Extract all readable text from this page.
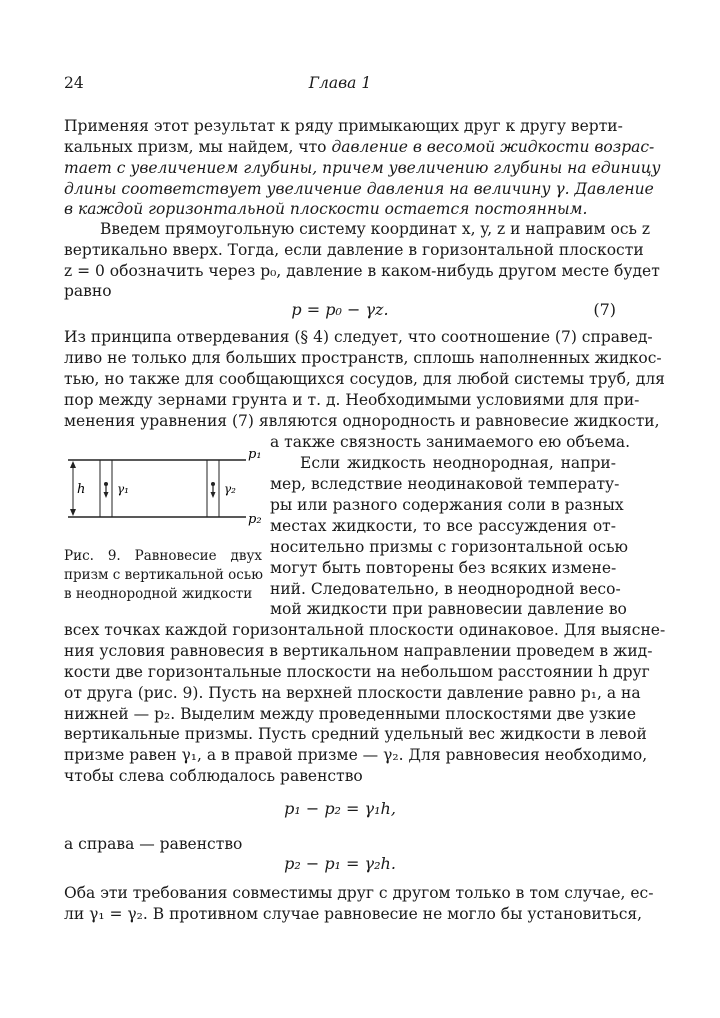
24	Глава 1
Применяя этот результат к ряду примыкающих друг к другу верти-
кальных призм, мы найдем, что давление в весомой жидкости возрас-
тает с увеличением глубины, причем увеличению глубины на единицу
длины соответствует увеличение давления на величину γ. Давление
в каждой горизонтальной плоскости остается постоянным.
Введем прямоугольную систему координат x, y, z и направим ось z
вертикально вверх. Тогда, если давление в горизонтальной плоскости
z = 0 обозначить через p₀, давление в каком-нибудь другом месте будет
равно
p = p₀ − γz.	(7)
Из принципа отвердевания (§ 4) следует, что соотношение (7) справед-
ливо не только для больших пространств, сплошь наполненных жидкос-
тью, но также для сообщающихся сосудов, для любой системы труб, для
пор между зернами грунта и т. д. Необходимыми условиями для при-
менения уравнения (7) являются однородность и равновесие жидкости,
а также связность занимаемого ею объема.
p₁
p₂
h	γ₁	γ₂
Рис. 9. Равновесие двух
призм с вертикальной осью
в неоднородной жидкости
Если жидкость неоднородная, напри-
мер, вследствие неодинаковой температу-
ры или разного содержания соли в разных
местах жидкости, то все рассуждения от-
носительно призмы с горизонтальной осью
могут быть повторены без всяких измене-
ний. Следовательно, в неоднородной весо-
мой жидкости при равновесии давление во
всех точках каждой горизонтальной плоскости одинаковое. Для выясне-
ния условия равновесия в вертикальном направлении проведем в жид-
кости две горизонтальные плоскости на небольшом расстоянии h друг
от друга (рис. 9). Пусть на верхней плоскости давление равно p₁, а на
нижней — p₂. Выделим между проведенными плоскостями две узкие
вертикальные призмы. Пусть средний удельный вес жидкости в левой
призме равен γ₁, а в правой призме — γ₂. Для равновесия необходимо,
чтобы слева соблюдалось равенство
p₁ − p₂ = γ₁h,
а справа — равенство
p₂ − p₁ = γ₂h.
Оба эти требования совместимы друг с другом только в том случае, ес-
ли γ₁ = γ₂. В противном случае равновесие не могло бы установиться,
